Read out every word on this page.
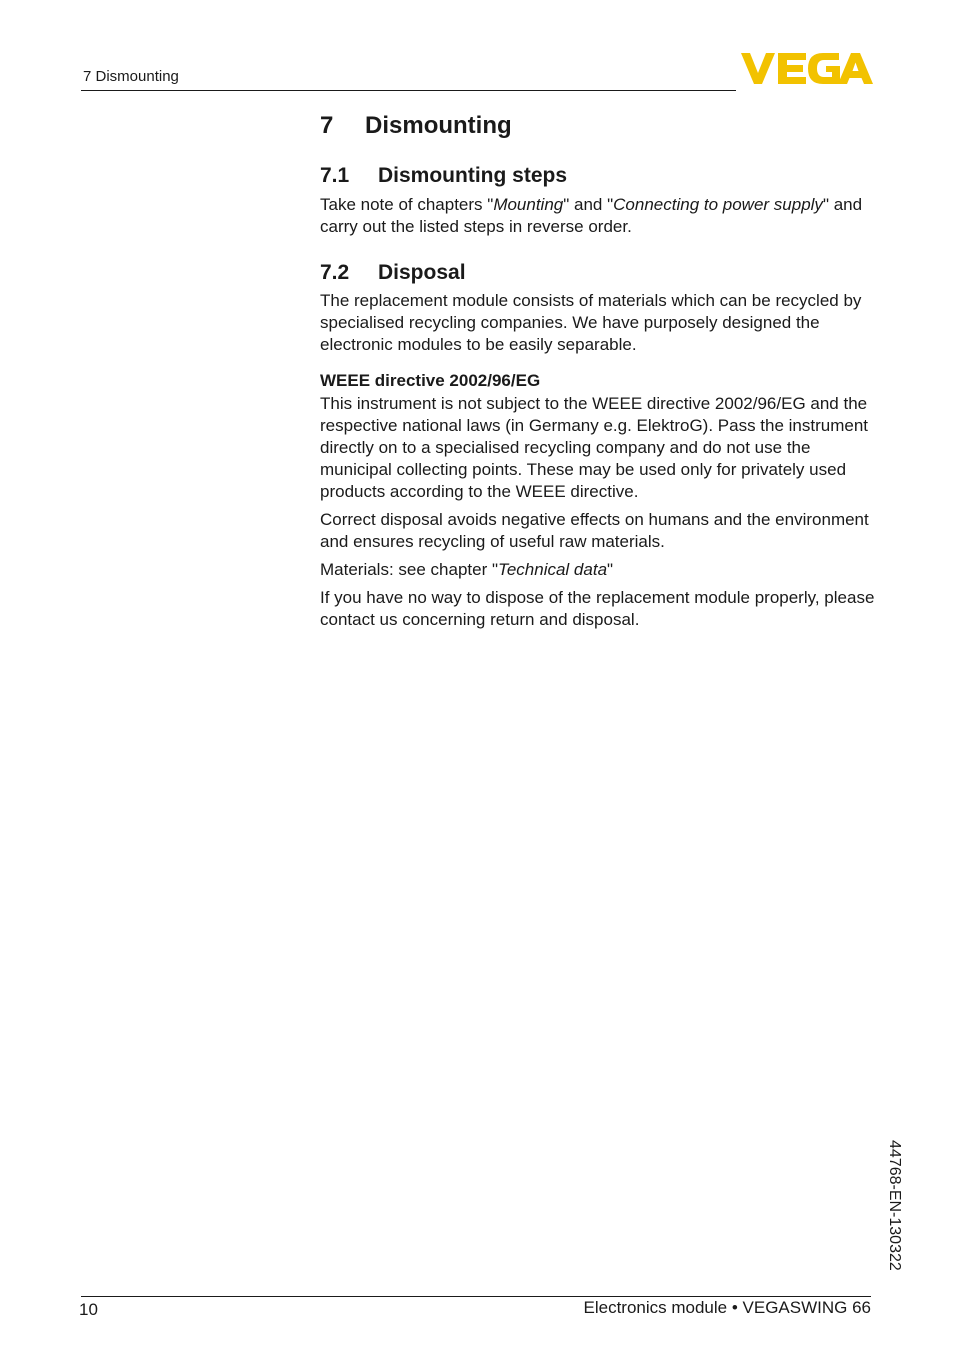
7 Dismounting
7 Dismounting
7.1 Dismounting steps

Take note of chapters "Mounting" and "Connecting to power supply" and carry out the listed steps in reverse order.

7.2 Disposal

The replacement module consists of materials which can be recycled by specialised recycling companies. We have purposely designed the electronic modules to be easily separable.

WEEE directive 2002/96/EG

This instrument is not subject to the WEEE directive 2002/96/EG and the respective national laws (in Germany e.g. ElektroG). Pass the instrument directly on to a specialised recycling company and do not use the municipal collecting points. These may be used only for privately used products according to the WEEE directive.

Correct disposal avoids negative effects on humans and the environment and ensures recycling of useful raw materials.

Materials: see chapter "Technical data"

If you have no way to dispose of the replacement module properly, please contact us concerning return and disposal.

44768-EN-130322
10	Electronics module • VEGASWING 66
